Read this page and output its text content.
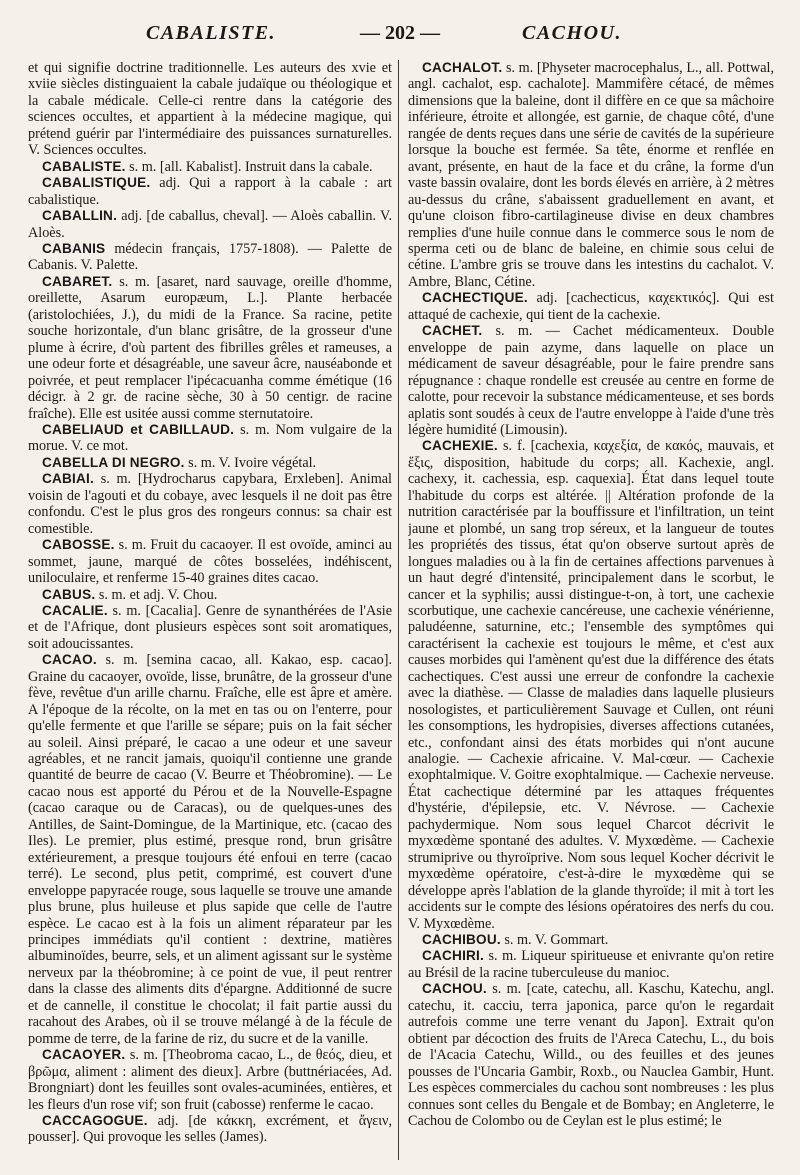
CABALISTE.	— 202 —	CACHOU.

et qui signifie doctrine traditionnelle. Les auteurs des xvie et xviie siècles distinguaient la cabale judaïque ou théologique et la cabale médicale. Celle-ci rentre dans la catégorie des sciences occultes, et appartient à la médecine magique, qui prétend guérir par l'intermédiaire des puissances surnaturelles. V. Sciences occultes.

CABALISTE. s. m. [all. Kabalist]. Instruit dans la cabale.

CABALISTIQUE. adj. Qui a rapport à la cabale : art cabalistique.

CABALLIN. adj. [de caballus, cheval]. — Aloès caballin. V. Aloès.

CABANIS médecin français, 1757-1808). — Palette de Cabanis. V. Palette.

CABARET. s. m. [asaret, nard sauvage, oreille d'homme, oreillette, Asarum europæum, L.]. Plante herbacée (aristolochiées, J.), du midi de la France. Sa racine, petite souche horizontale, d'un blanc grisâtre, de la grosseur d'une plume à écrire, d'où partent des fibrilles grêles et rameuses, a une odeur forte et désagréable, une saveur âcre, nauséabonde et poivrée, et peut remplacer l'ipécacuanha comme émétique (16 décigr. à 2 gr. de racine sèche, 30 à 50 centigr. de racine fraîche). Elle est usitée aussi comme sternutatoire.

CABELIAUD et CABILLAUD. s. m. Nom vulgaire de la morue. V. ce mot.

CABELLA DI NEGRO. s. m. V. Ivoire végétal.

CABIAI. s. m. [Hydrocharus capybara, Erxleben]. Animal voisin de l'agouti et du cobaye, avec lesquels il ne doit pas être confondu. C'est le plus gros des rongeurs connus: sa chair est comestible.

CABOSSE. s. m. Fruit du cacaoyer. Il est ovoïde, aminci au sommet, jaune, marqué de côtes bosselées, indéhiscent, uniloculaire, et renferme 15-40 graines dites cacao.

CABUS. s. m. et adj. V. Chou.

CACALIE. s. m. [Cacalia]. Genre de synanthérées de l'Asie et de l'Afrique, dont plusieurs espèces sont soit aromatiques, soit adoucissantes.

CACAO. s. m. [semina cacao, all. Kakao, esp. cacao]. Graine du cacaoyer, ovoïde, lisse, brunâtre, de la grosseur d'une fève, revêtue d'un arille charnu. Fraîche, elle est âpre et amère. A l'époque de la récolte, on la met en tas ou on l'enterre, pour qu'elle fermente et que l'arille se sépare; puis on la fait sécher au soleil. Ainsi préparé, le cacao a une odeur et une saveur agréables, et ne rancit jamais, quoiqu'il contienne une grande quantité de beurre de cacao (V. Beurre et Théobromine). — Le cacao nous est apporté du Pérou et de la Nouvelle-Espagne (cacao caraque ou de Caracas), ou de quelques-unes des Antilles, de Saint-Domingue, de la Martinique, etc. (cacao des Iles). Le premier, plus estimé, presque rond, brun grisâtre extérieurement, a presque toujours été enfoui en terre (cacao terré). Le second, plus petit, comprimé, est couvert d'une enveloppe papyracée rouge, sous laquelle se trouve une amande plus brune, plus huileuse et plus sapide que celle de l'autre espèce. Le cacao est à la fois un aliment réparateur par les principes immédiats qu'il contient : dextrine, matières albuminoïdes, beurre, sels, et un aliment agissant sur le système nerveux par la théobromine; à ce point de vue, il peut rentrer dans la classe des aliments dits d'épargne. Additionné de sucre et de cannelle, il constitue le chocolat; il fait partie aussi du racahout des Arabes, où il se trouve mélangé à de la fécule de pomme de terre, de la farine de riz, du sucre et de la vanille.

CACAOYER. s. m. [Theobroma cacao, L., de θεός, dieu, et βρῶμα, aliment : aliment des dieux]. Arbre (buttnériacées, Ad. Brongniart) dont les feuilles sont ovales-acuminées, entières, et les fleurs d'un rose vif; son fruit (cabosse) renferme le cacao.

CACCAGOGUE. adj. [de κάκκη, excrément, et ἄγειν, pousser]. Qui provoque les selles (James).

CACHALOT. s. m. [Physeter macrocephalus, L., all. Pottwal, angl. cachalot, esp. cachalote]. Mammifère cétacé, de mêmes dimensions que la baleine, dont il diffère en ce que sa mâchoire inférieure, étroite et allongée, est garnie, de chaque côté, d'une rangée de dents reçues dans une série de cavités de la supérieure lorsque la bouche est fermée. Sa tête, énorme et renflée en avant, présente, en haut de la face et du crâne, la forme d'un vaste bassin ovalaire, dont les bords élevés en arrière, à 2 mètres au-dessus du crâne, s'abaissent graduellement en avant, et qu'une cloison fibro-cartilagineuse divise en deux chambres remplies d'une huile connue dans le commerce sous le nom de sperma ceti ou de blanc de baleine, en chimie sous celui de cétine. L'ambre gris se trouve dans les intestins du cachalot. V. Ambre, Blanc, Cétine.

CACHECTIQUE. adj. [cachecticus, καχεκτικός]. Qui est attaqué de cachexie, qui tient de la cachexie.

CACHET. s. m. — Cachet médicamenteux. Double enveloppe de pain azyme, dans laquelle on place un médicament de saveur désagréable, pour le faire prendre sans répugnance : chaque rondelle est creusée au centre en forme de calotte, pour recevoir la substance médicamenteuse, et ses bords aplatis sont soudés à ceux de l'autre enveloppe à l'aide d'une très légère humidité (Limousin).

CACHEXIE. s. f. [cachexia, καχεξία, de κακός, mauvais, et ἕξις, disposition, habitude du corps; all. Kachexie, angl. cachexy, it. cachessia, esp. caquexia]. État dans lequel toute l'habitude du corps est altérée. || Altération profonde de la nutrition caractérisée par la bouffissure et l'infiltration, un teint jaune et plombé, un sang trop séreux, et la langueur de toutes les propriétés des tissus, état qu'on observe surtout après de longues maladies ou à la fin de certaines affections parvenues à un haut degré d'intensité, principalement dans le scorbut, le cancer et la syphilis; aussi distingue-t-on, à tort, une cachexie scorbutique, une cachexie cancéreuse, une cachexie vénérienne, paludéenne, saturnine, etc.; l'ensemble des symptômes qui caractérisent la cachexie est toujours le même, et c'est aux causes morbides qui l'amènent qu'est due la différence des états cachectiques. C'est aussi une erreur de confondre la cachexie avec la diathèse. — Classe de maladies dans laquelle plusieurs nosologistes, et particulièrement Sauvage et Cullen, ont réuni les consomptions, les hydropisies, diverses affections cutanées, etc., confondant ainsi des états morbides qui n'ont aucune analogie. — Cachexie africaine. V. Mal-cœur. — Cachexie exophtalmique. V. Goitre exophtalmique. — Cachexie nerveuse. État cachectique déterminé par les attaques fréquentes d'hystérie, d'épilepsie, etc. V. Névrose. — Cachexie pachydermique. Nom sous lequel Charcot décrivit le myxœdème spontané des adultes. V. Myxœdème. — Cachexie strumiprive ou thyroïprive. Nom sous lequel Kocher décrivit le myxœdème opératoire, c'est-à-dire le myxœdème qui se développe après l'ablation de la glande thyroïde; il mit à tort les accidents sur le compte des lésions opératoires des nerfs du cou. V. Myxœdème.

CACHIBOU. s. m. V. Gommart.

CACHIRI. s. m. Liqueur spiritueuse et enivrante qu'on retire au Brésil de la racine tuberculeuse du manioc.

CACHOU. s. m. [cate, catechu, all. Kaschu, Katechu, angl. catechu, it. cacciu, terra japonica, parce qu'on le regardait autrefois comme une terre venant du Japon]. Extrait qu'on obtient par décoction des fruits de l'Areca Catechu, L., du bois de l'Acacia Catechu, Willd., ou des feuilles et des jeunes pousses de l'Uncaria Gambir, Roxb., ou Nauclea Gambir, Hunt. Les espèces commerciales du cachou sont nombreuses : les plus connues sont celles du Bengale et de Bombay; en Angleterre, le Cachou de Colombo ou de Ceylan est le plus estimé; le
